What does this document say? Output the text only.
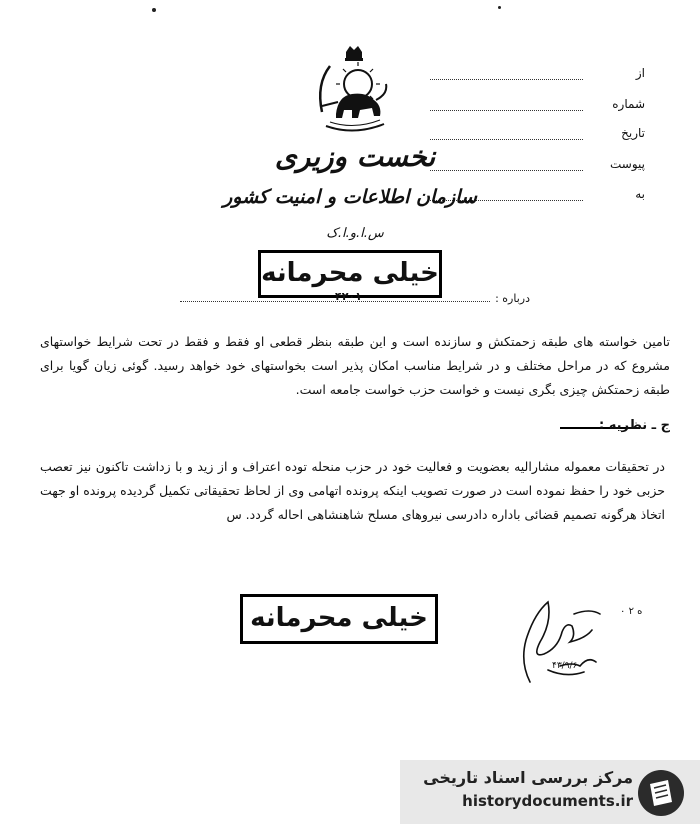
از
شماره
تاریخ
پیوست
به
نخست وزیری
سازمان اطلاعات و امنیت کشور
س.ا.و.ا.ک
خیلی محرمانه
درباره :
۴۲۰۱
تامین خواسته های طبقه زحمتکش و سازنده است و این طبقه بنظر قطعی او فقط و فقط در تحت شرایط خواستهای مشروع که در مراحل مختلف و در شرایط مناسب امکان پذیر است بخواستهای خود خواهد رسید. گوئی زیان گویا برای طبقه زحمتکش چیزی بگری نیست و خواست حزب خواست جامعه است.
ج ـ نظریه :
در تحقیقات معموله مشارالیه بعضویت و فعالیت خود در حزب منحله توده اعتراف و از زید و با زداشت تاکنون نیز تعصب حزبی خود را حفظ نموده است در صورت تصویب اینکه پرونده اتهامی وی از لحاظ تحقیقاتی تکمیل گردیده پرونده او جهت اتخاذ هرگونه تصمیم قضائی باداره دادرسی نیروهای مسلح شاهنشاهی احاله گردد. س
خیلی محرمانه
۴۳/۹/۶
ه ۲ ۰
مرکز بررسی اسناد تاریخی
historydocuments.ir
